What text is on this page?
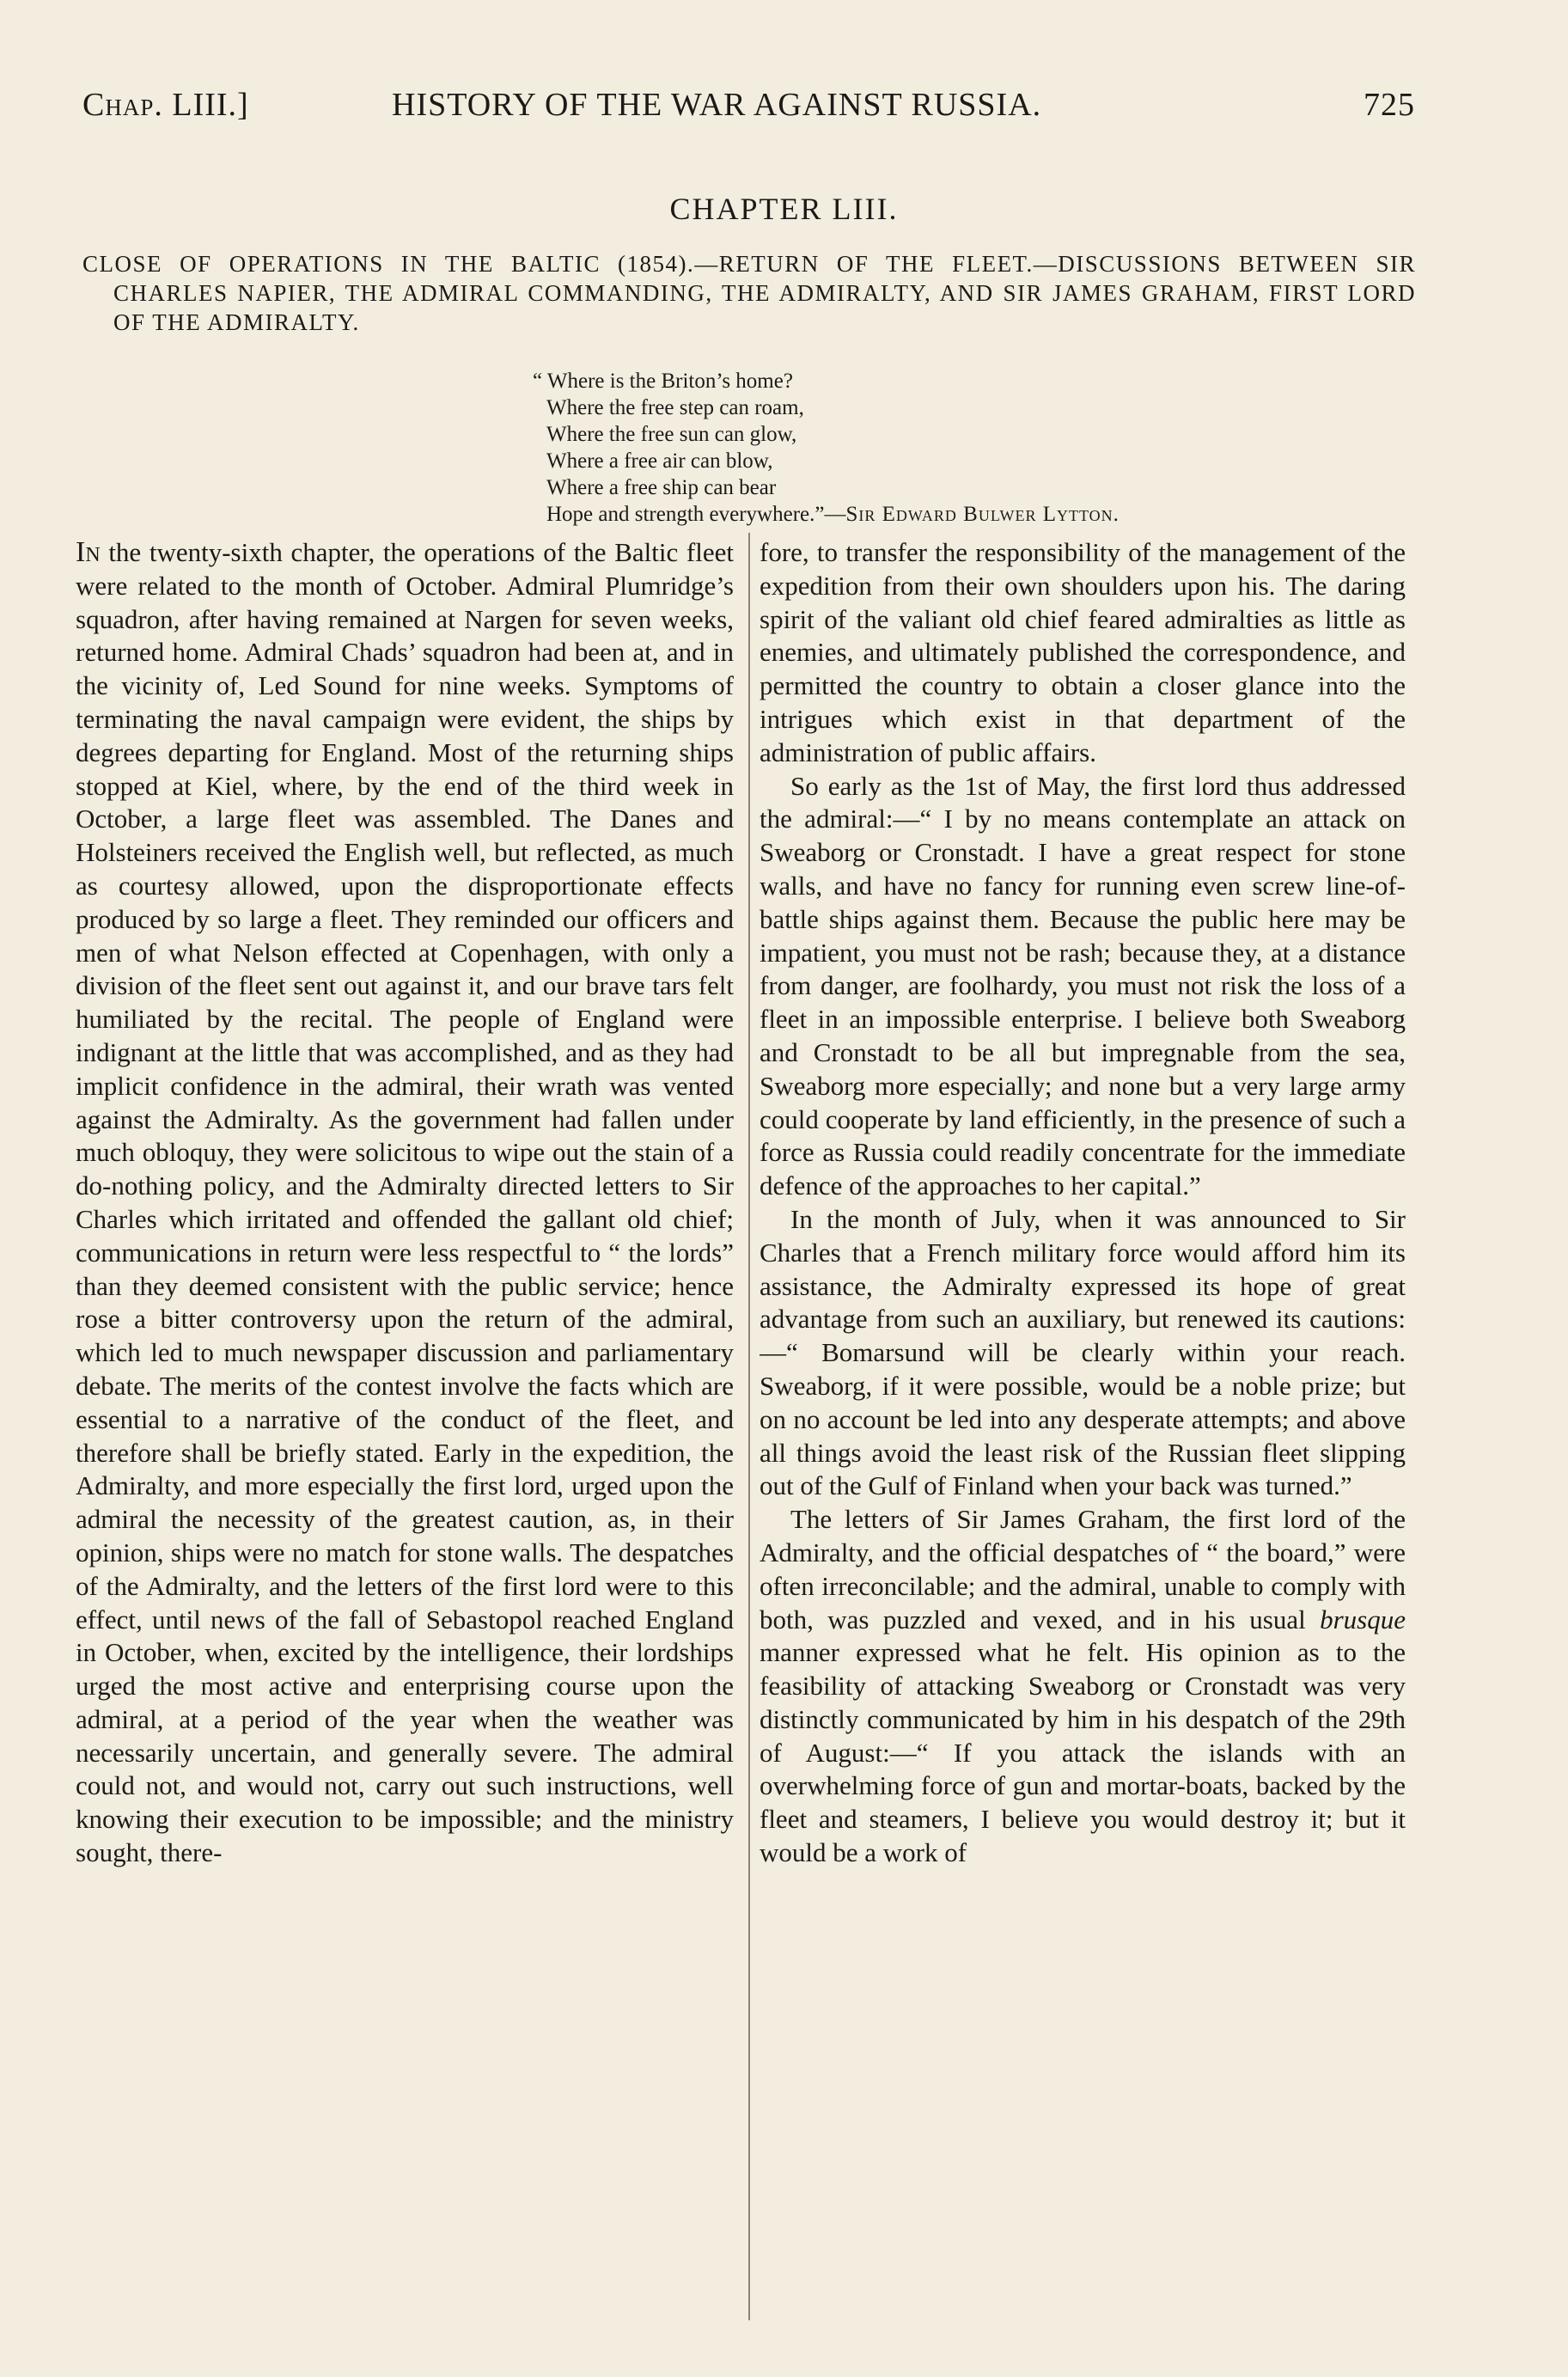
Chap. LIII.]	HISTORY OF THE WAR AGAINST RUSSIA.	725
CHAPTER LIII.
CLOSE OF OPERATIONS IN THE BALTIC (1854).—RETURN OF THE FLEET.—DISCUSSIONS BETWEEN SIR CHARLES NAPIER, THE ADMIRAL COMMANDING, THE ADMIRALTY, AND SIR JAMES GRAHAM, FIRST LORD OF THE ADMIRALTY.
“ Where is the Briton’s home?
Where the free step can roam,
Where the free sun can glow,
Where a free air can blow,
Where a free ship can bear
Hope and strength everywhere.”—Sir Edward Bulwer Lytton.

In the twenty-sixth chapter, the operations of the Baltic fleet were related to the month of October. Admiral Plumridge’s squadron, after having remained at Nargen for seven weeks, returned home. Admiral Chads’ squadron had been at, and in the vicinity of, Led Sound for nine weeks. Symptoms of terminating the naval campaign were evident, the ships by degrees departing for England. Most of the returning ships stopped at Kiel, where, by the end of the third week in October, a large fleet was assembled. The Danes and Holsteiners received the English well, but reflected, as much as courtesy allowed, upon the disproportionate effects produced by so large a fleet. They reminded our officers and men of what Nelson effected at Copenhagen, with only a division of the fleet sent out against it, and our brave tars felt humiliated by the recital. The people of England were indignant at the little that was accomplished, and as they had implicit confidence in the admiral, their wrath was vented against the Admiralty. As the government had fallen under much obloquy, they were solicitous to wipe out the stain of a do-nothing policy, and the Admiralty directed letters to Sir Charles which irritated and offended the gallant old chief; communications in return were less respectful to “ the lords” than they deemed consistent with the public service; hence rose a bitter controversy upon the return of the admiral, which led to much newspaper discussion and parliamentary debate. The merits of the contest involve the facts which are essential to a narrative of the conduct of the fleet, and therefore shall be briefly stated. Early in the expedition, the Admiralty, and more especially the first lord, urged upon the admiral the necessity of the greatest caution, as, in their opinion, ships were no match for stone walls. The despatches of the Admiralty, and the letters of the first lord were to this effect, until news of the fall of Sebastopol reached England in October, when, excited by the intelligence, their lordships urged the most active and enterprising course upon the admiral, at a period of the year when the weather was necessarily uncertain, and generally severe. The admiral could not, and would not, carry out such instructions, well knowing their execution to be impossible; and the ministry sought, there-

fore, to transfer the responsibility of the management of the expedition from their own shoulders upon his. The daring spirit of the valiant old chief feared admiralties as little as enemies, and ultimately published the correspondence, and permitted the country to obtain a closer glance into the intrigues which exist in that department of the administration of public affairs.

So early as the 1st of May, the first lord thus addressed the admiral:—“ I by no means contemplate an attack on Sweaborg or Cronstadt. I have a great respect for stone walls, and have no fancy for running even screw line-of-battle ships against them. Because the public here may be impatient, you must not be rash; because they, at a distance from danger, are foolhardy, you must not risk the loss of a fleet in an impossible enterprise. I believe both Sweaborg and Cronstadt to be all but impregnable from the sea, Sweaborg more especially; and none but a very large army could cooperate by land efficiently, in the presence of such a force as Russia could readily concentrate for the immediate defence of the approaches to her capital.”

In the month of July, when it was announced to Sir Charles that a French military force would afford him its assistance, the Admiralty expressed its hope of great advantage from such an auxiliary, but renewed its cautions:—“ Bomarsund will be clearly within your reach. Sweaborg, if it were possible, would be a noble prize; but on no account be led into any desperate attempts; and above all things avoid the least risk of the Russian fleet slipping out of the Gulf of Finland when your back was turned.”

The letters of Sir James Graham, the first lord of the Admiralty, and the official despatches of “ the board,” were often irreconcilable; and the admiral, unable to comply with both, was puzzled and vexed, and in his usual brusque manner expressed what he felt. His opinion as to the feasibility of attacking Sweaborg or Cronstadt was very distinctly communicated by him in his despatch of the 29th of August:—“ If you attack the islands with an overwhelming force of gun and mortar-boats, backed by the fleet and steamers, I believe you would destroy it; but it would be a work of
